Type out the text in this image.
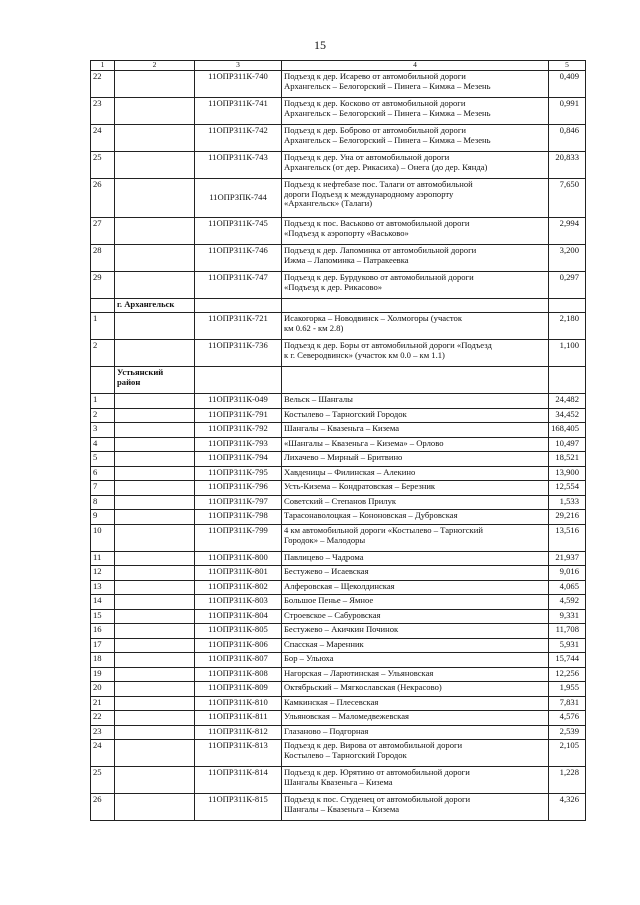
15
1	2	3	4	5
22		11ОПРЗ11К-740	Подъезд к дер. Исарево от автомобильной дороги
Архангельск – Белогорский – Пинега – Кимжа – Мезень	0,409
23		11ОПРЗ11К-741	Подъезд к дер. Косково от автомобильной дороги
Архангельск – Белогорский – Пинега – Кимжа – Мезень	0,991
24		11ОПРЗ11К-742	Подъезд к дер. Боброво от автомобильной дороги
Архангельск – Белогорский – Пинега – Кимжа – Мезень	0,846
25		11ОПРЗ11К-743	Подъезд к дер. Уна от автомобильной дороги
Архангельск (от дер. Рикасиха) – Онега (до дер. Кянда)	20,833
26		11ОПРЗПК-744	Подъезд к нефтебазе пос. Талаги от автомобильной
дороги Подъезд к международному аэропорту
«Архангельск» (Талаги)	7,650
27		11ОПРЗ11К-745	Подъезд к пос. Васьково от автомобильной дороги
«Подъезд к аэропорту «Васьково»	2,994
28		11ОПРЗ11К-746	Подъезд к дер. Лапоминка от автомобильной дороги
Ижма – Лапоминка – Патракеевка	3,200
29		11ОПРЗ11К-747	Подъезд к дер. Бурдуково от автомобильной дороги
«Подъезд к дер. Рикасово»	0,297
	г. Архангельск			
1		11ОПРЗ11К-721	Исакогорка – Новодвинск – Холмогоры (участок
км 0.62 - км 2.8)	2,180
2		11ОПРЗ11К-736	Подъезд к дер. Боры от автомобильной дороги «Подъезд
к г. Северодвинск» (участок км 0.0 – км 1.1)	1,100
	Устьянский
район			
1		11ОПРЗ11К-049	Вельск – Шангалы	24,482
2		11ОПРЗ11К-791	Костылево – Тарногский Городок	34,452
3		11ОПРЗ11К-792	Шангалы – Квазеньга – Кизема	168,405
4		11ОПРЗ11К-793	«Шангалы – Квазеньга – Кизема» – Орлово	10,497
5		11ОПРЗ11К-794	Лихачево – Мирный – Бритвино	18,521
6		11ОПРЗ11К-795	Хавденицы – Филинская – Алекино	13,900
7		11ОПРЗ11К-796	Усть-Кизема – Кондратовская – Березник	12,554
8		11ОПРЗ11К-797	Советский – Степанов Прилук	1,533
9		11ОПРЗ11К-798	Тарасонаволоцкая – Кононовская – Дубровская	29,216
10		11ОПРЗ11К-799	4 км автомобильной дороги «Костылево – Тарногский
Городок» – Малодоры	13,516
11		11ОПРЗ11К-800	Павлицево – Чадрома	21,937
12		11ОПРЗ11К-801	Бестужево – Исаевская	9,016
13		11ОПРЗ11К-802	Алферовская – Щеколдинская	4,065
14		11ОПРЗ11К-803	Большое Пенье – Ямное	4,592
15		11ОПРЗ11К-804	Строевское – Сабуровская	9,331
16		11ОПРЗ11К-805	Бестужево – Акичкин Починок	11,708
17		11ОПРЗ11К-806	Спасская – Маренник	5,931
18		11ОПРЗ11К-807	Бор – Ульюха	15,744
19		11ОПРЗ11К-808	Нагорская – Ларютинская – Ульяновская	12,256
20		11ОПРЗ11К-809	Октябрьский – Мягкославская (Некрасово)	1,955
21		11ОПРЗ11К-810	Камкинская – Плесевская	7,831
22		11ОПРЗ11К-811	Ульяновская – Маломедвежевская	4,576
23		11ОПРЗ11К-812	Глазаново – Подгорная	2,539
24		11ОПРЗ11К-813	Подъезд к дер. Вирова от автомобильной дороги
Костылево – Тарногский Городок	2,105
25		11ОПРЗ11К-814	Подъезд к дер. Юрятино от автомобильной дороги
Шангалы Квазеньга – Кизема	1,228
26		11ОПРЗ11К-815	Подъезд к пос. Студенец от автомобильной дороги
Шангалы – Квазеньга – Кизема	4,326
